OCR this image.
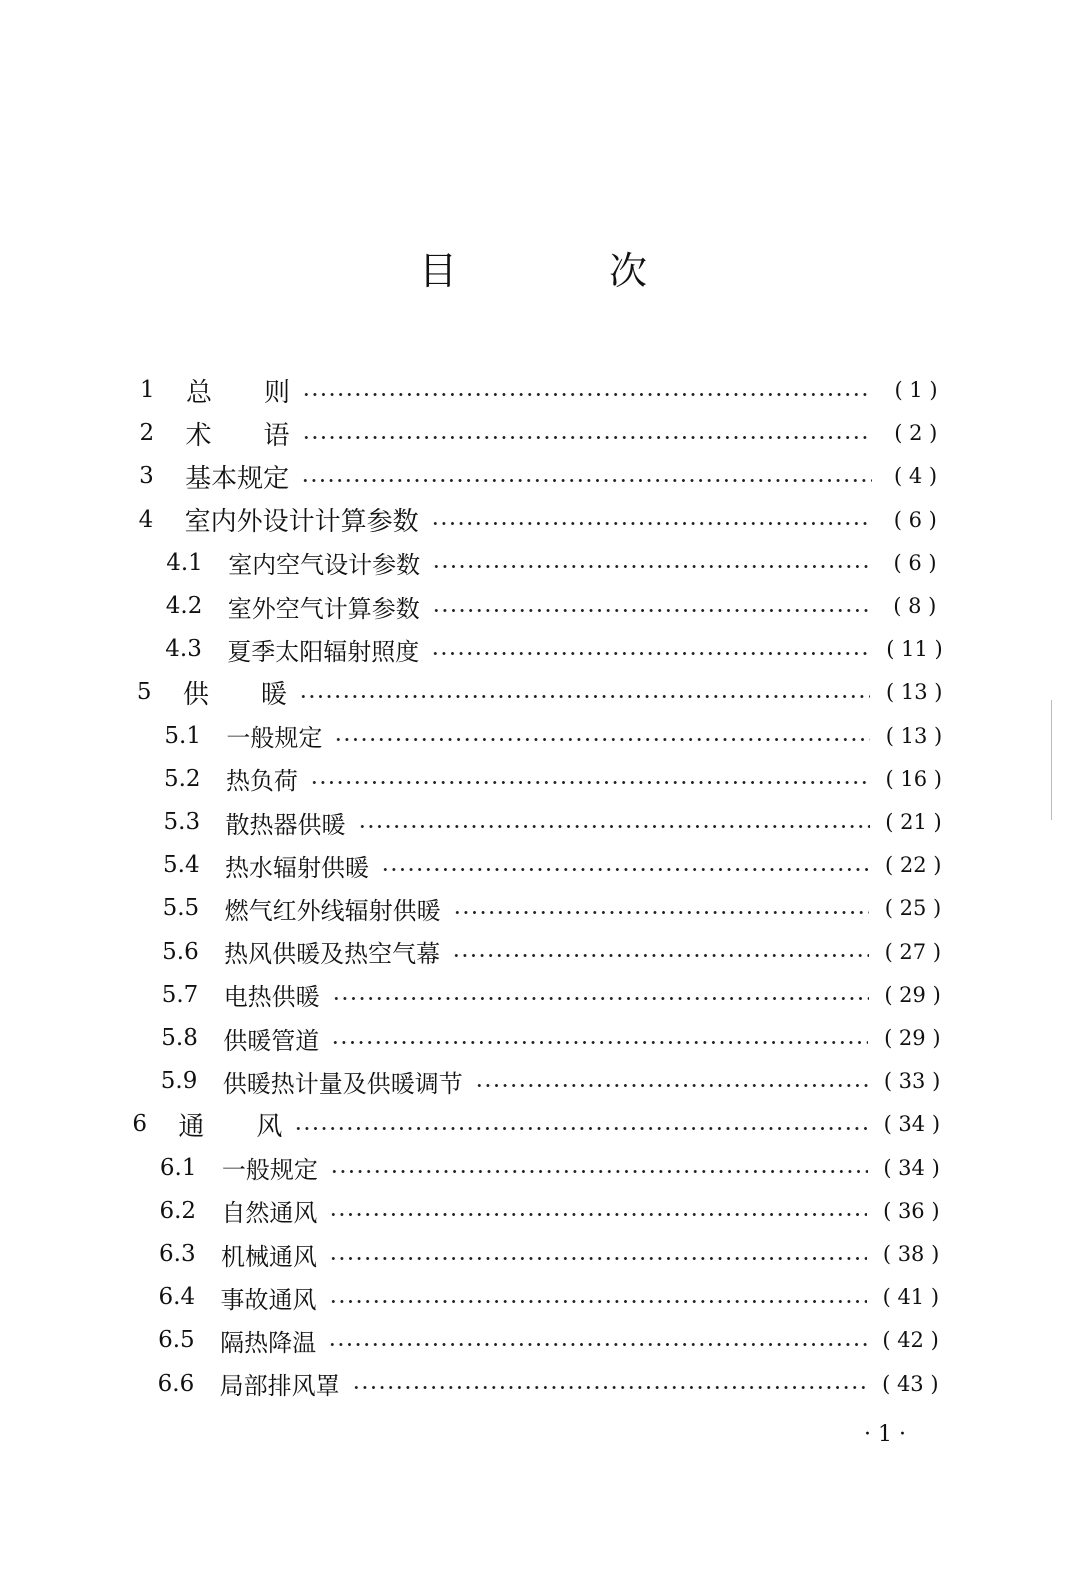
目 次
1	总　　则	( 1 )
2	术　　语	( 2 )
3	基本规定	( 4 )
4	室内外设计计算参数	( 6 )
4.1	室内空气设计参数	( 6 )
4.2	室外空气计算参数	( 8 )
4.3	夏季太阳辐射照度	( 11 )
5	供　　暖	( 13 )
5.1	一般规定	( 13 )
5.2	热负荷	( 16 )
5.3	散热器供暖	( 21 )
5.4	热水辐射供暖	( 22 )
5.5	燃气红外线辐射供暖	( 25 )
5.6	热风供暖及热空气幕	( 27 )
5.7	电热供暖	( 29 )
5.8	供暖管道	( 29 )
5.9	供暖热计量及供暖调节	( 33 )
6	通　　风	( 34 )
6.1	一般规定	( 34 )
6.2	自然通风	( 36 )
6.3	机械通风	( 38 )
6.4	事故通风	( 41 )
6.5	隔热降温	( 42 )
6.6	局部排风罩	( 43 )
· 1 ·
